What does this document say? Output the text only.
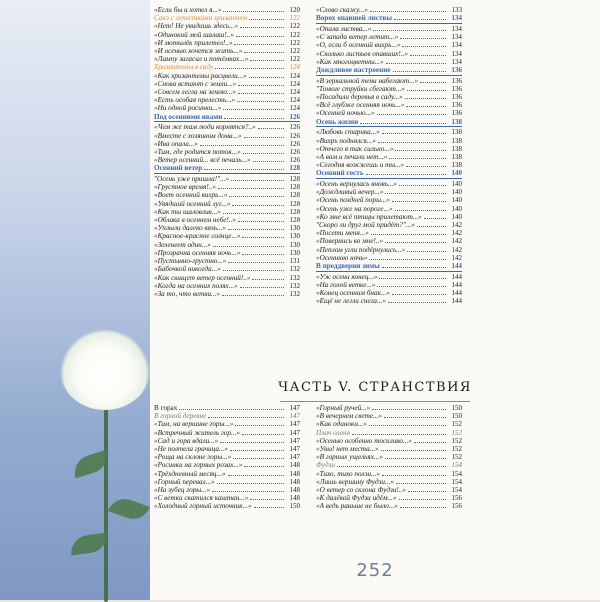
«Если бы и хотел я...»	120
Сакэ с лепестками хризантем	122
«Нет! Не увидишь здесь...»	122
«Одинокий мой шалаш!..»	122
«И мотылёк прилетел!..»	122
«И осенью хочется жить...»	122
«Лампу загасил и потёмках...»	122
Хризантемы в саду	124
«Как хризантемы расцвели...»	124
«Снова встают с земли...»	124
«Совсем легла на землю...»	124
«Есть особая прелесть...»	124
«Ни одной росинки...»	124
Под осенними ивами	126
«Чем же там люди корнятся?..»	126
«Вместе с хозяином дома...»	126
«Ива опала...»	126
«Там, где родится поток...»	126
«Ветер осенний... всё печаль...»	126
Осенний ветер	128
"Осень уже пришла!"...»	128
«Грустное время!..»	128
«Воет осенний вихрь...»	128
«Увядший осенний луг...»	128
«Как ты шаловлив...»	128
«Облака в осеннем небе!..»	128
«Уплыли далеко вязь...»	130
«Красное-красное солнце...»	130
«Зеленеет один...»	130
«Прозрачна осенняя ночь...»	130
«Пустынно-грустно...»	131
«Бабочкой никогда...»	132
«Как свищет ветер осенний!..»	132
«Когда на осенних полях...»	132
«За то, что ветви...»	132
«Слово скажу...»	133
Ворох опавшей листвы	134
«Опала листва...»	134
«С запада ветер летит...»	134
«О, если б осенний вихрь...»	134
«Сколько листьев опавших!..»	134
«Как многоцветны...»	134
Дождливое настроение	136
«В зеркальной тени набегают...»	136
"Тонкие струйки сбегают...»	136
«Посадили деревья в саду...»	136
«Всё глубже осенняя ночь...»	136
«Осенней ночью...»	136
Осень жизни	138
«Любовь старика...»	138
«Вихрь поднялся...»	138
«Отчего я так сильно...»	138
«А вам и печали нет...»	138
«Сегодня вожжешь и ты...»	138
Осенний гость	140
«Осень вернулась вновь...»	140
«Дождливый вечер...»	140
«Осень поздней поры...»	140
«Осень уже на пороге...»	140
«Ко мне всё птицы прилетают...»	140
"Скоро ли друг мой придёт?"...»	142
«Посети меня...»	142
«Повернись ко мне!..»	142
«Пеплом угли подёрнулись...»	142
«Осеннюю ночь»	142
В преддверии зимы	144
«Уж осени конец...»	144
«На голой ветке...»	144
«Конец осенним бнак...»	144
«Ещё не легли снега...»	144
ЧАСТЬ V. СТРАНСТВИЯ
В горах	147
В горной деревне	147
«Там, на вершине горы...»	147
«Встречный житель гор...»	147
«Сад и гора вдали...»	147
«Не полтела грачица...»	147
«Роща на склоне горы...»	147
«Росинки на горных розах...»	148
«Трёхдневный месяц...»	148
«Горный перевал...»	148
«На зубец горы...»	148
«С ветки скатился каштан...»	148
«Холодный горный источник...»	150
«Горный ручей...»	150
«В вечернем свете...»	150
«Как одиноки...»	152
Плач оленя	152
«Осенью особенно тоскливо...»	152
«Увы! нет места...»	152
«В горных ущельях...»	152
Фудзи	154
«Тихо, тихо ползи...»	154
«Лишь вершину Фудзи...»	154
«О ветер со склона Фудзи!..»	154
«К далёкой Фудзи идём...»	156
«А ведь раньше не было...»	156
252
